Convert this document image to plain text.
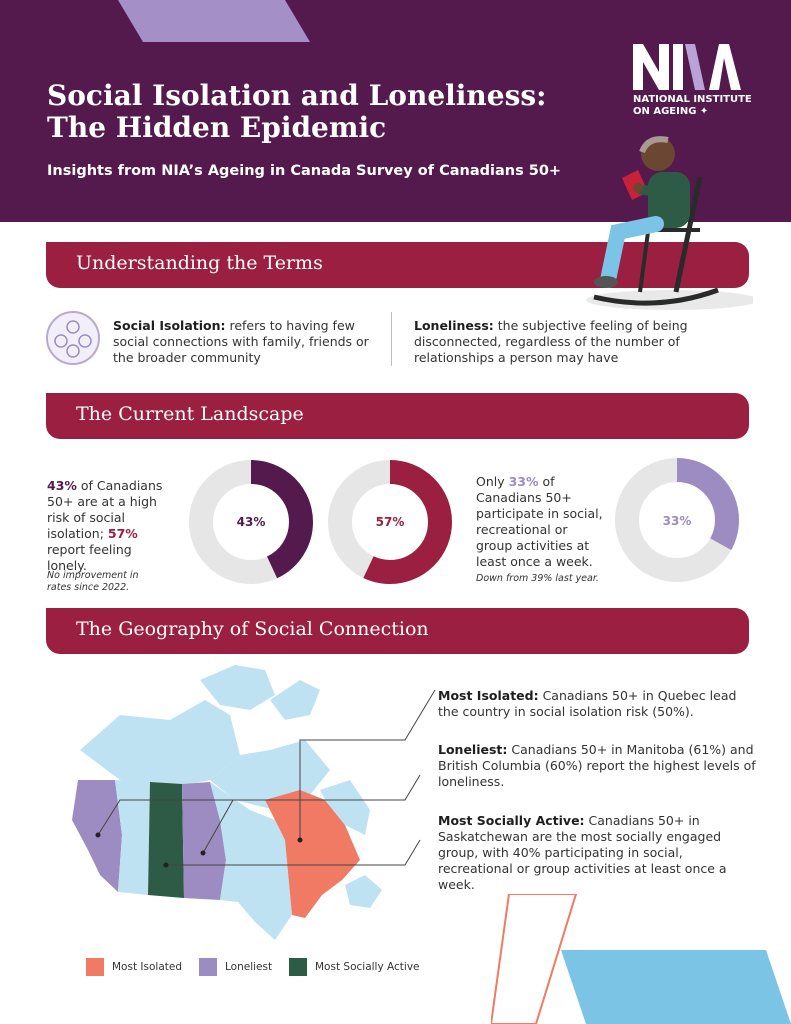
Social Isolation and Loneliness:
The Hidden Epidemic
Insights from NIA’s Ageing in Canada Survey of Canadians 50+
NATIONAL INSTITUTE
ON AGEING ✦
Understanding the Terms
Social Isolation: refers to having few social connections with family, friends or the broader community
Loneliness: the subjective feeling of being disconnected, regardless of the number of relationships a person may have
The Current Landscape
43% of Canadians 50+ are at a high risk of social isolation; 57% report feeling lonely.
No improvement in rates since 2022.
43%	57%
Only 33% of Canadians 50+ participate in social, recreational or group activities at least once a week.
Down from 39% last year.
33%
The Geography of Social Connection
Most Isolated: Canadians 50+ in Quebec lead the country in social isolation risk (50%).
Loneliest: Canadians 50+ in Manitoba (61%) and British Columbia (60%) report the highest levels of loneliness.
Most Socially Active: Canadians 50+ in Saskatchewan are the most socially engaged group, with 40% participating in social, recreational or group activities at least once a week.
Most Isolated	Loneliest	Most Socially Active
